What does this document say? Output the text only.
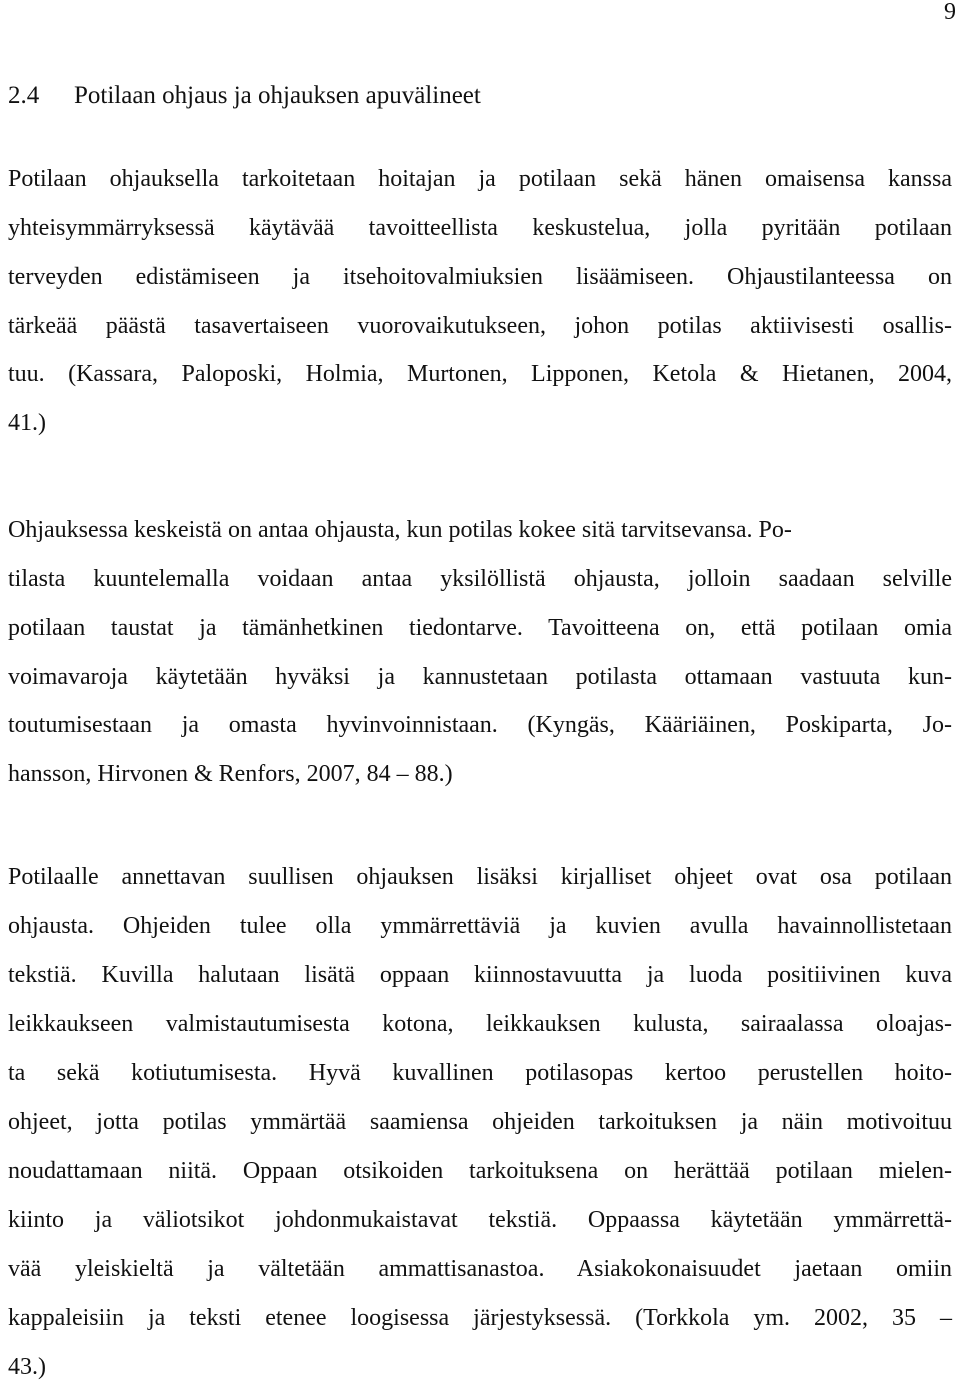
9
2.4 Potilaan ohjaus ja ohjauksen apuvälineet
Potilaan ohjauksella tarkoitetaan hoitajan ja potilaan sekä hänen omaisensa kanssa
yhteisymmärryksessä käytävää tavoitteellista keskustelua, jolla pyritään potilaan
terveyden edistämiseen ja itsehoitovalmiuksien lisäämiseen. Ohjaustilanteessa on
tärkeää päästä tasavertaiseen vuorovaikutukseen, johon potilas aktiivisesti osallis-
tuu. (Kassara, Paloposki, Holmia, Murtonen, Lipponen, Ketola & Hietanen, 2004,
41.)
Ohjauksessa keskeistä on antaa ohjausta, kun potilas kokee sitä tarvitsevansa. Po-
tilasta kuuntelemalla voidaan antaa yksilöllistä ohjausta, jolloin saadaan selville
potilaan taustat ja tämänhetkinen tiedontarve. Tavoitteena on, että potilaan omia
voimavaroja käytetään hyväksi ja kannustetaan potilasta ottamaan vastuuta kun-
toutumisestaan ja omasta hyvinvoinnistaan. (Kyngäs, Kääriäinen, Poskiparta, Jo-
hansson, Hirvonen & Renfors, 2007, 84 – 88.)
Potilaalle annettavan suullisen ohjauksen lisäksi kirjalliset ohjeet ovat osa potilaan
ohjausta. Ohjeiden tulee olla ymmärrettäviä ja kuvien avulla havainnollistetaan
tekstiä. Kuvilla halutaan lisätä oppaan kiinnostavuutta ja luoda positiivinen kuva
leikkaukseen valmistautumisesta kotona, leikkauksen kulusta, sairaalassa oloajas-
ta sekä kotiutumisesta. Hyvä kuvallinen potilasopas kertoo perustellen hoito-
ohjeet, jotta potilas ymmärtää saamiensa ohjeiden tarkoituksen ja näin motivoituu
noudattamaan niitä. Oppaan otsikoiden tarkoituksena on herättää potilaan mielen-
kiinto ja väliotsikot johdonmukaistavat tekstiä. Oppaassa käytetään ymmärrettä-
vää yleiskieltä ja vältetään ammattisanastoa. Asiakokonaisuudet jaetaan omiin
kappaleisiin ja teksti etenee loogisessa järjestyksessä. (Torkkola ym. 2002, 35 –
43.)
